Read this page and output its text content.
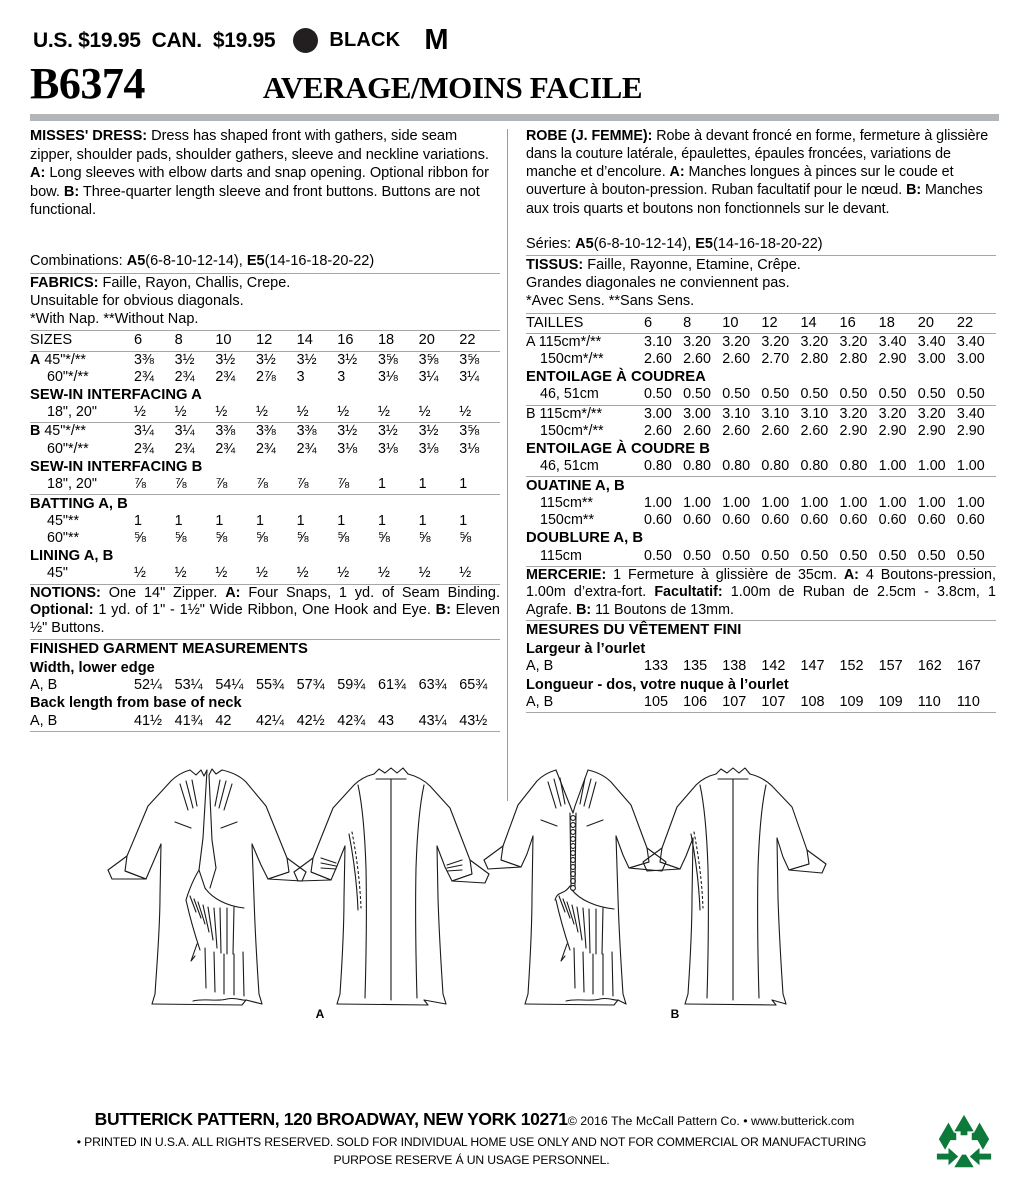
U.S. $19.95  CAN.  $19.95	BLACK M
B6374	AVERAGE/MOINS FACILE
MISSES' DRESS: Dress has shaped front with gathers, side seam zipper, shoulder pads, shoulder gathers, sleeve and neckline variations. A: Long sleeves with elbow darts and snap opening. Optional ribbon for bow. B: Three-quarter length sleeve and front buttons. Buttons are not functional.
Combinations: A5(6-8-10-12-14), E5(14-16-18-20-22)
FABRICS: Faille, Rayon, Challis, Crepe.
Unsuitable for obvious diagonals.
*With Nap. **Without Nap.
SIZES	6	8	10	12	14	16	18	20	22
A 45"*/**	3⅜	3½	3½	3½	3½	3½	3⅝	3⅝	3⅝
60"*/**	2¾	2¾	2¾	2⅞	3	3	3⅛	3¼	3¼
SEW-IN INTERFACING A
18", 20"	½	½	½	½	½	½	½	½	½
B 45"*/**	3¼	3¼	3⅜	3⅜	3⅜	3½	3½	3½	3⅝
60"*/**	2¾	2¾	2¾	2¾	2¾	3⅛	3⅛	3⅛	3⅛
SEW-IN INTERFACING B
18", 20"	⅞	⅞	⅞	⅞	⅞	⅞	1	1	1
BATTING A, B
45"**	1	1	1	1	1	1	1	1	1
60"**	⅝	⅝	⅝	⅝	⅝	⅝	⅝	⅝	⅝
LINING A, B
45"	½	½	½	½	½	½	½	½	½
NOTIONS: One 14" Zipper. A: Four Snaps, 1 yd. of Seam Binding. Optional: 1 yd. of 1" - 1½" Wide Ribbon, One Hook and Eye. B: Eleven ½" Buttons.
FINISHED GARMENT MEASUREMENTS
Width, lower edge
A, B	52¼	53¼	54¼	55¾	57¾	59¾	61¾	63¾	65¾
Back length from base of neck
A, B	41½	41¾	42	42¼	42½	42¾	43	43¼	43½
ROBE (J. FEMME): Robe à devant froncé en forme, fermeture à glissière dans la couture latérale, épaulettes, épaules froncées, variations de manche et d’encolure. A: Manches longues à pinces sur le coude et ouverture à bouton-pression. Ruban facultatif pour le nœud. B: Manches aux trois quarts et boutons non fonctionnels sur le devant.
Séries: A5(6-8-10-12-14), E5(14-16-18-20-22)
TISSUS: Faille, Rayonne, Etamine, Crêpe.
Grandes diagonales ne conviennent pas.
*Avec Sens. **Sans Sens.
TAILLES	6	8	10	12	14	16	18	20	22
A 115cm*/**	3.10	3.20	3.20	3.20	3.20	3.20	3.40	3.40	3.40
150cm*/**	2.60	2.60	2.60	2.70	2.80	2.80	2.90	3.00	3.00
ENTOILAGE À COUDREA
46, 51cm	0.50	0.50	0.50	0.50	0.50	0.50	0.50	0.50	0.50
B 115cm*/**	3.00	3.00	3.10	3.10	3.10	3.20	3.20	3.20	3.40
150cm*/**	2.60	2.60	2.60	2.60	2.60	2.90	2.90	2.90	2.90
ENTOILAGE À COUDRE B
46, 51cm	0.80	0.80	0.80	0.80	0.80	0.80	1.00	1.00	1.00
OUATINE A, B
115cm**	1.00	1.00	1.00	1.00	1.00	1.00	1.00	1.00	1.00
150cm**	0.60	0.60	0.60	0.60	0.60	0.60	0.60	0.60	0.60
DOUBLURE A, B
115cm	0.50	0.50	0.50	0.50	0.50	0.50	0.50	0.50	0.50
MERCERIE: 1 Fermeture à glissière de 35cm. A: 4 Boutons-pression, 1.00m d’extra-fort. Facultatif: 1.00m de Ruban de 2.5cm - 3.8cm, 1 Agrafe. B: 11 Boutons de 13mm.
MESURES DU VÊTEMENT FINI
Largeur à l’ourlet
A, B	133	135	138	142	147	152	157	162	167
Longueur - dos, votre nuque à l’ourlet
A, B	105	106	107	107	108	109	109	110	110
A	B
BUTTERICK PATTERN, 120 BROADWAY, NEW YORK 10271© 2016 The McCall Pattern Co. • www.butterick.com
• PRINTED IN U.S.A. ALL RIGHTS RESERVED. SOLD FOR INDIVIDUAL HOME USE ONLY AND NOT FOR COMMERCIAL OR MANUFACTURING
PURPOSE RESERVE Á UN USAGE PERSONNEL.
